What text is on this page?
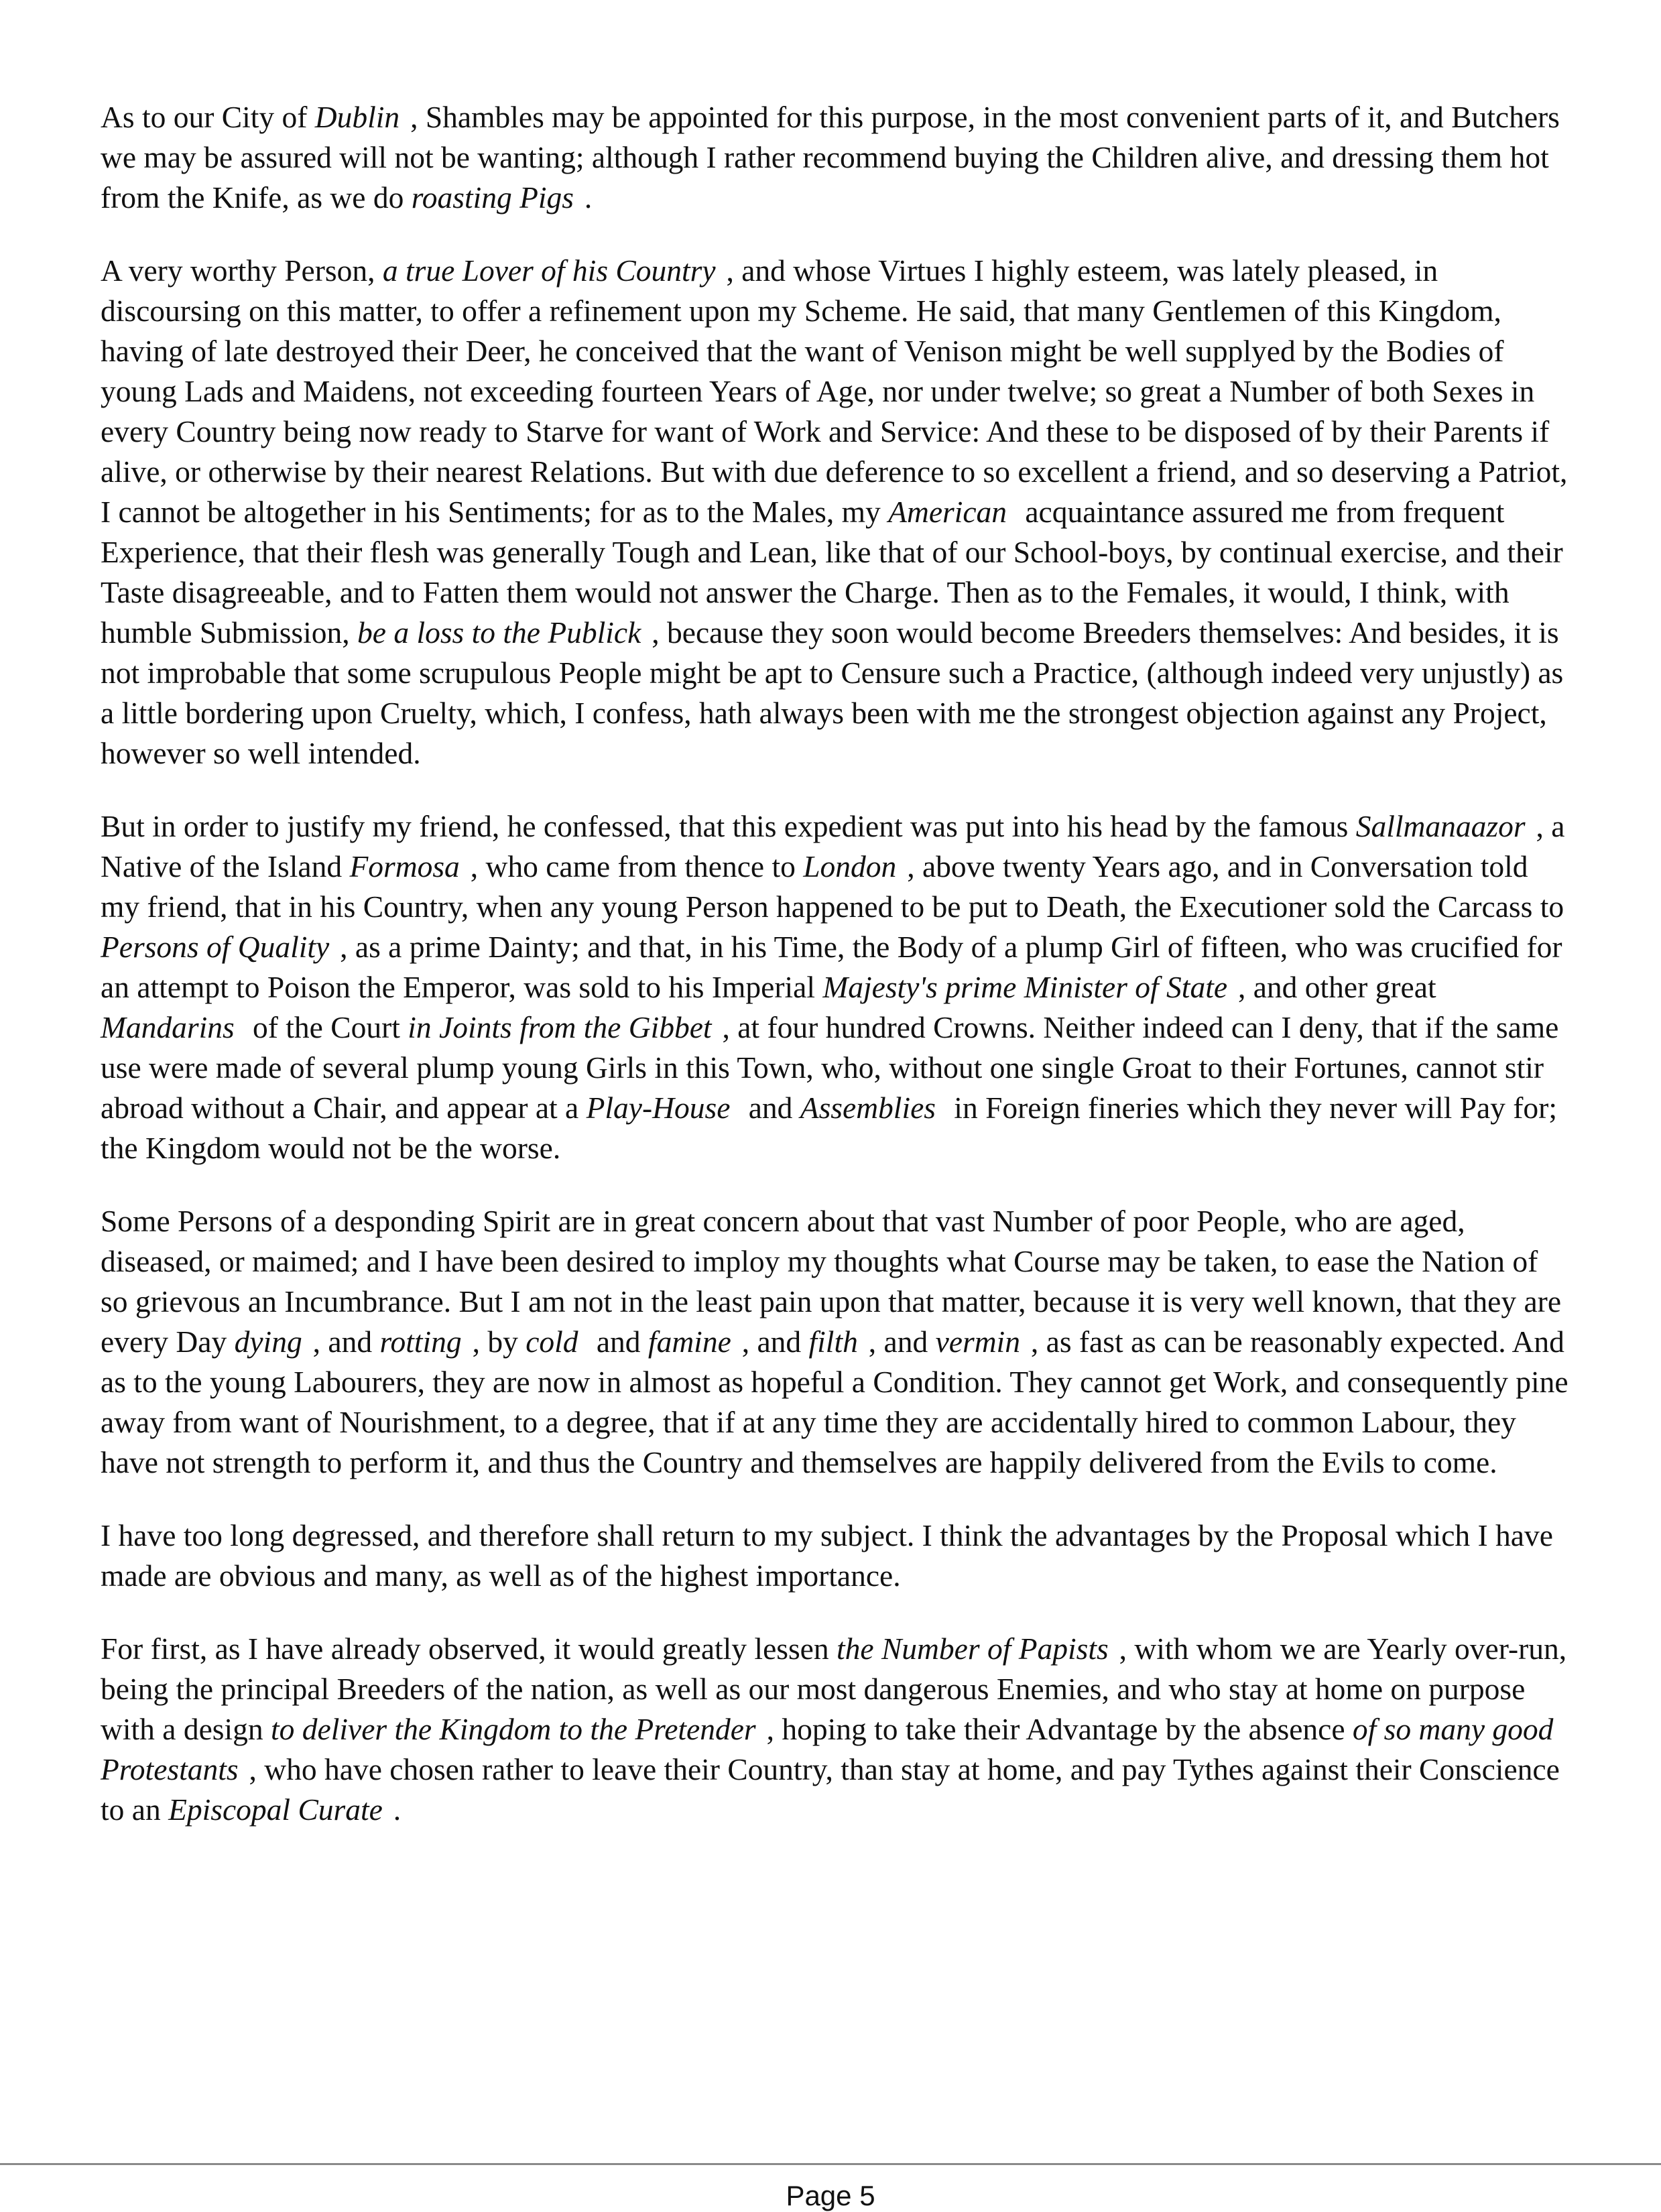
As to our City of Dublin , Shambles may be appointed for this purpose, in the most convenient parts of it, and Butchers we may be assured will not be wanting; although I rather recommend buying the Children alive, and dressing them hot from the Knife, as we do roasting Pigs .

A very worthy Person, a true Lover of his Country , and whose Virtues I highly esteem, was lately pleased, in discoursing on this matter, to offer a refinement upon my Scheme. He said, that many Gentlemen of this Kingdom, having of late destroyed their Deer, he conceived that the want of Venison might be well supplyed by the Bodies of young Lads and Maidens, not exceeding fourteen Years of Age, nor under twelve; so great a Number of both Sexes in every Country being now ready to Starve for want of Work and Service: And these to be disposed of by their Parents if alive, or otherwise by their nearest Relations. But with due deference to so excellent a friend, and so deserving a Patriot, I cannot be altogether in his Sentiments; for as to the Males, my American acquaintance assured me from frequent Experience, that their flesh was generally Tough and Lean, like that of our School-boys, by continual exercise, and their Taste disagreeable, and to Fatten them would not answer the Charge. Then as to the Females, it would, I think, with humble Submission, be a loss to the Publick , because they soon would become Breeders themselves: And besides, it is not improbable that some scrupulous People might be apt to Censure such a Practice, (although indeed very unjustly) as a little bordering upon Cruelty, which, I confess, hath always been with me the strongest objection against any Project, however so well intended.

But in order to justify my friend, he confessed, that this expedient was put into his head by the famous Sallmanaazor , a Native of the Island Formosa , who came from thence to London , above twenty Years ago, and in Conversation told my friend, that in his Country, when any young Person happened to be put to Death, the Executioner sold the Carcass to Persons of Quality , as a prime Dainty; and that, in his Time, the Body of a plump Girl of fifteen, who was crucified for an attempt to Poison the Emperor, was sold to his Imperial Majesty's prime Minister of State , and other great Mandarins of the Court in Joints from the Gibbet , at four hundred Crowns. Neither indeed can I deny, that if the same use were made of several plump young Girls in this Town, who, without one single Groat to their Fortunes, cannot stir abroad without a Chair, and appear at a Play-House and Assemblies in Foreign fineries which they never will Pay for; the Kingdom would not be the worse.

Some Persons of a desponding Spirit are in great concern about that vast Number of poor People, who are aged, diseased, or maimed; and I have been desired to imploy my thoughts what Course may be taken, to ease the Nation of so grievous an Incumbrance. But I am not in the least pain upon that matter, because it is very well known, that they are every Day dying , and rotting , by cold and famine , and filth , and vermin , as fast as can be reasonably expected. And as to the young Labourers, they are now in almost as hopeful a Condition. They cannot get Work, and consequently pine away from want of Nourishment, to a degree, that if at any time they are accidentally hired to common Labour, they have not strength to perform it, and thus the Country and themselves are happily delivered from the Evils to come.

I have too long degressed, and therefore shall return to my subject. I think the advantages by the Proposal which I have made are obvious and many, as well as of the highest importance.

For first, as I have already observed, it would greatly lessen the Number of Papists , with whom we are Yearly over-run, being the principal Breeders of the nation, as well as our most dangerous Enemies, and who stay at home on purpose with a design to deliver the Kingdom to the Pretender , hoping to take their Advantage by the absence of so many good Protestants , who have chosen rather to leave their Country, than stay at home, and pay Tythes against their Conscience to an Episcopal Curate .

Page 5
